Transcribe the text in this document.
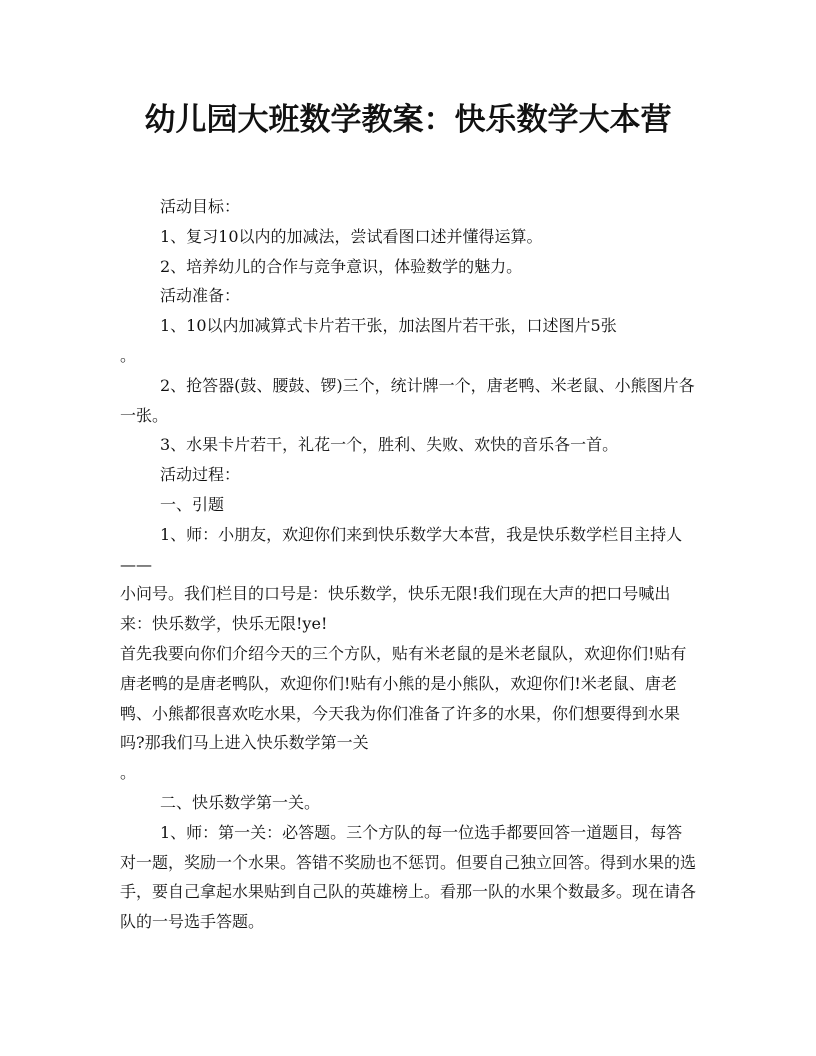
幼儿园大班数学教案：快乐数学大本营

活动目标：

1、复习10以内的加减法，尝试看图口述并懂得运算。

2、培养幼儿的合作与竞争意识，体验数学的魅力。

活动准备：

1、10以内加减算式卡片若干张，加法图片若干张，口述图片5张
。

2、抢答器(鼓、腰鼓、锣)三个，统计牌一个，唐老鸭、米老鼠、小熊图片各一张。

3、水果卡片若干，礼花一个，胜利、失败、欢快的音乐各一首。

活动过程：

一、引题

1、师：小朋友，欢迎你们来到快乐数学大本营，我是快乐数学栏目主持人——

小问号。我们栏目的口号是：快乐数学，快乐无限!我们现在大声的把口号喊出来：快乐数学，快乐无限!ye!

首先我要向你们介绍今天的三个方队，贴有米老鼠的是米老鼠队，欢迎你们!贴有唐老鸭的是唐老鸭队，欢迎你们!贴有小熊的是小熊队，欢迎你们!米老鼠、唐老鸭、小熊都很喜欢吃水果，今天我为你们准备了许多的水果，你们想要得到水果吗?那我们马上进入快乐数学第一关
。

二、快乐数学第一关。

1、师：第一关：必答题。三个方队的每一位选手都要回答一道题目，每答对一题，奖励一个水果。答错不奖励也不惩罚。但要自己独立回答。得到水果的选手，要自己拿起水果贴到自己队的英雄榜上。看那一队的水果个数最多。现在请各队的一号选手答题。
